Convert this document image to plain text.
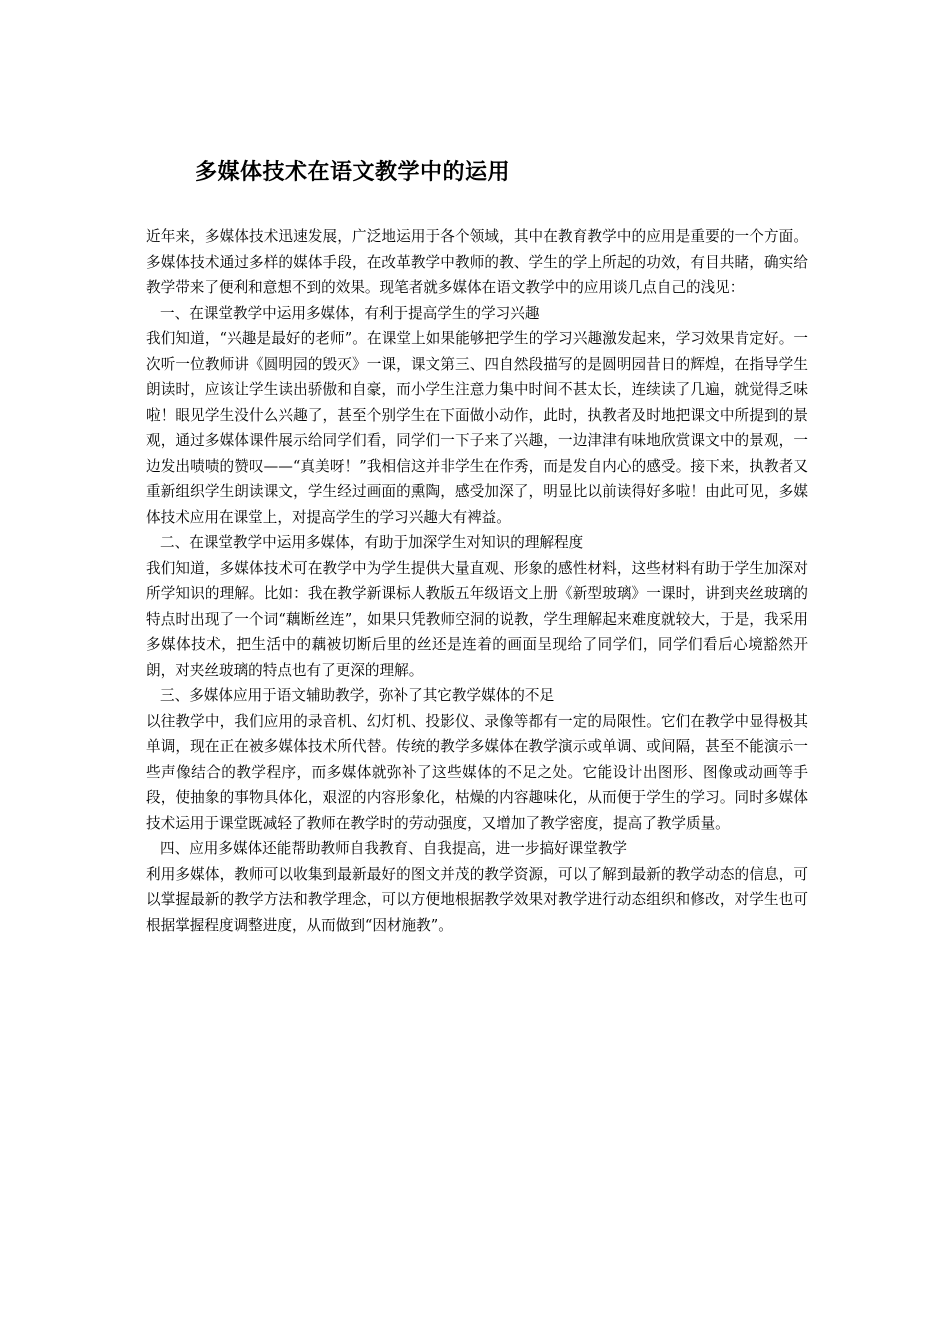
多媒体技术在语文教学中的运用

近年来，多媒体技术迅速发展，广泛地运用于各个领域，其中在教育教学中的应用是重要的一个方面。多媒体技术通过多样的媒体手段，在改革教学中教师的教、学生的学上所起的功效，有目共睹，确实给教学带来了便利和意想不到的效果。现笔者就多媒体在语文教学中的应用谈几点自己的浅见：

一、在课堂教学中运用多媒体，有利于提高学生的学习兴趣

我们知道，“兴趣是最好的老师”。在课堂上如果能够把学生的学习兴趣激发起来，学习效果肯定好。一次听一位教师讲《圆明园的毁灭》一课，课文第三、四自然段描写的是圆明园昔日的辉煌，在指导学生朗读时，应该让学生读出骄傲和自豪，而小学生注意力集中时间不甚太长，连续读了几遍，就觉得乏味啦！眼见学生没什么兴趣了，甚至个别学生在下面做小动作，此时，执教者及时地把课文中所提到的景观，通过多媒体课件展示给同学们看，同学们一下子来了兴趣，一边津津有味地欣赏课文中的景观，一边发出啧啧的赞叹——“真美呀！”我相信这并非学生在作秀，而是发自内心的感受。接下来，执教者又重新组织学生朗读课文，学生经过画面的熏陶，感受加深了，明显比以前读得好多啦！由此可见，多媒体技术应用在课堂上，对提高学生的学习兴趣大有裨益。

二、在课堂教学中运用多媒体，有助于加深学生对知识的理解程度

我们知道，多媒体技术可在教学中为学生提供大量直观、形象的感性材料，这些材料有助于学生加深对所学知识的理解。比如：我在教学新课标人教版五年级语文上册《新型玻璃》一课时，讲到夹丝玻璃的特点时出现了一个词“藕断丝连”，如果只凭教师空洞的说教，学生理解起来难度就较大，于是，我采用多媒体技术，把生活中的藕被切断后里的丝还是连着的画面呈现给了同学们，同学们看后心境豁然开朗，对夹丝玻璃的特点也有了更深的理解。

三、多媒体应用于语文辅助教学，弥补了其它教学媒体的不足

以往教学中，我们应用的录音机、幻灯机、投影仪、录像等都有一定的局限性。它们在教学中显得极其单调，现在正在被多媒体技术所代替。传统的教学多媒体在教学演示或单调、或间隔，甚至不能演示一些声像结合的教学程序，而多媒体就弥补了这些媒体的不足之处。它能设计出图形、图像或动画等手段，使抽象的事物具体化，艰涩的内容形象化，枯燥的内容趣味化，从而便于学生的学习。同时多媒体技术运用于课堂既减轻了教师在教学时的劳动强度，又增加了教学密度，提高了教学质量。

四、应用多媒体还能帮助教师自我教育、自我提高，进一步搞好课堂教学

利用多媒体，教师可以收集到最新最好的图文并茂的教学资源，可以了解到最新的教学动态的信息，可以掌握最新的教学方法和教学理念，可以方便地根据教学效果对教学进行动态组织和修改，对学生也可根据掌握程度调整进度，从而做到“因材施教”。
